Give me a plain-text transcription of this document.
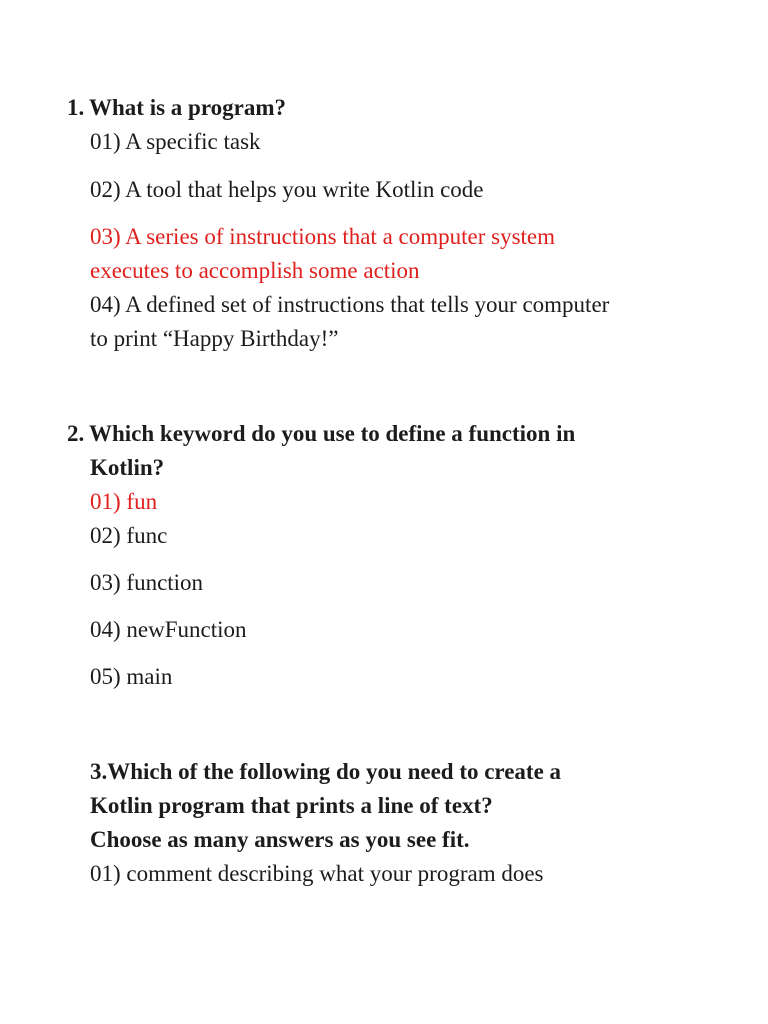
1. What is a program?
01) A specific task
02) A tool that helps you write Kotlin code
03) A series of instructions that a computer system
executes to accomplish some action
04) A defined set of instructions that tells your computer
to print “Happy Birthday!”
2. Which keyword do you use to define a function in
Kotlin?
01) fun
02) func
03) function
04) newFunction
05) main
3.Which of the following do you need to create a
Kotlin program that prints a line of text?
Choose as many answers as you see fit.
01) comment describing what your program does
